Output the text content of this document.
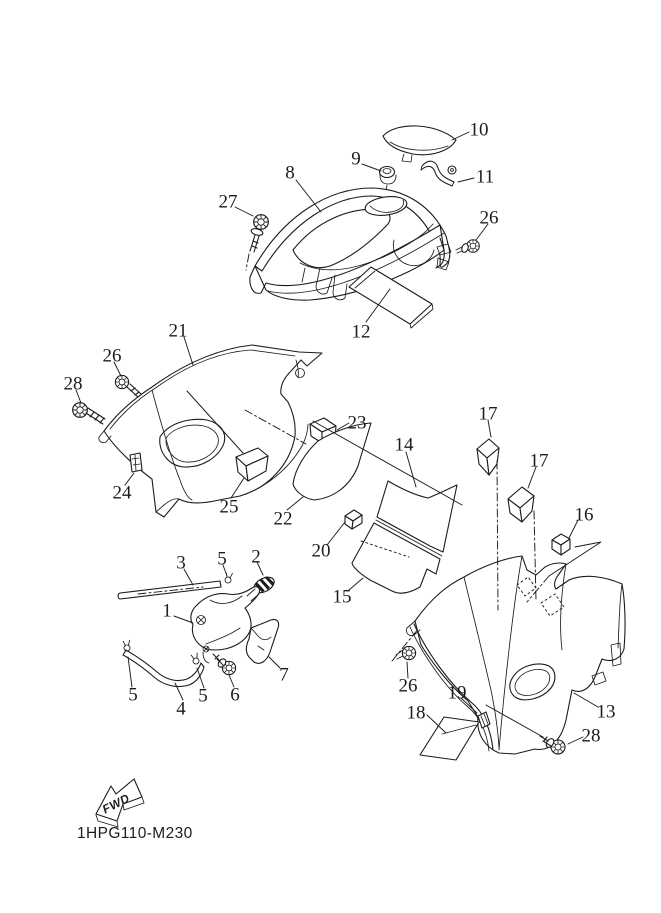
8
9
10
11
27
26
12
21
26
28
24
25
22
23
14
20
15
17
17
16
3 5 2
1
5
4
5 6
7
26 19
18	13
28
FWD
1HPG110-M230
